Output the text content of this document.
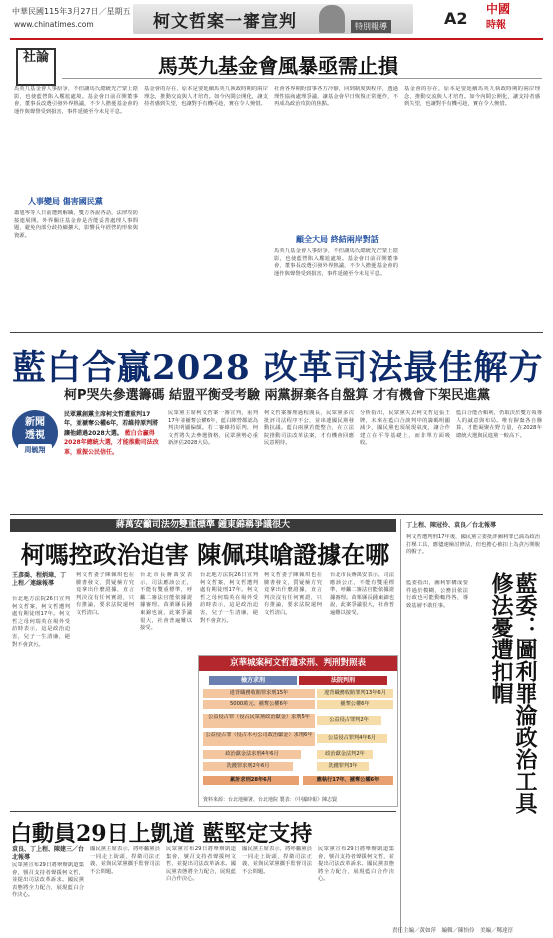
中華民國115年3月27日／星期五
www.chinatimes.com	柯文哲案一審宣判	特別報導	A2 中國
時報
社論	馬英九基金會風暴亟需止損
馬英九基金會人事紛爭，不但讓馬氏總統光芒蒙上陰影，也使藍營陷入尷尬處境。基金會日前召開董事會，董事長改選引發外界熱議，不少人擔憂基金會的運作與聲譽受到損害，事件延燒至今未見平息。
人事變局 傷害國民黨
蕭旭岑等人日前遭到解職，雙方各說各話，法律攻防接連展開。外界關注基金會是否能妥善處理人事問題，避免內部分歧持續擴大，影響長年經營的形象與資源。
基金會的存在，原本是要延續馬英九執政時期的兩岸理念，推動交流與人才培育。如今內鬨公開化，讓支持者感到失望，也讓對手有機可趁，實在令人惋惜。
社會各界期盼當事各方冷靜，回到制度與程序，透過理性協商處理爭議，讓基金會早日恢復正常運作，不再成為政治攻防的焦點。
顧全大局 終結兩岸對話
馬英九基金會人事紛爭，不但讓馬氏總統光芒蒙上陰影，也使藍營陷入尷尬處境。基金會日前召開董事會，董事長改選引發外界熱議，不少人擔憂基金會的運作與聲譽受到損害，事件延燒至今未見平息。
基金會的存在，原本是要延續馬英九執政時期的兩岸理念，推動交流與人才培育。如今內鬨公開化，讓支持者感到失望，也讓對手有機可趁，實在令人惋惜。
藍白合贏2028 改革司法最佳解方
柯P哭失參選籌碼 結盟平衡受考驗 兩黨摒棄各自盤算 才有機會下架民進黨
新聞
透視
周毓翔
民眾黨創黨主席柯文哲遭重判17年，並褫奪公權6年，若維持原判將讓他錯過2028大選。 藍白合贏得2028年總統大選，才能推動司法改革，重振公民信任。
民眾黨主席柯文哲案一審宣判，重判17年並褫奪公權6年，藍白陣營都認為判決明顯偏頗。若二審維持原判，柯文哲將失去參選資格，民眾黨勢必重新評估2028大局。
柯文哲案審理過程漫長，民眾黨多次批評司法程序不公，並串連國民黨發動抗議。藍白兩黨若能整合，在立法院推動司法改革法案，才有機會回應民意期待。
分析指出，民眾黨失去柯文哲這張王牌，未來在藍白合談判中的籌碼明顯減少，國民黨也須展現氣度，讓合作建立在平等基礎上，而非單方面吸收。
藍白合能否順利，仍取決於雙方領導人的誠意與布局。唯有摒棄各自盤算，才能凝聚在野力量，在2028年總統大選與民進黨一較高下。
蔣萬安籲司法勿雙重標準 鍾東錦稱爭議很大
柯嗎控政治迫害 陳佩琪嗆證據在哪
王彥喬、程炳璋、丁上程／連線報導
台北地方法院26日宣判柯文哲案，柯文哲遭判處有期徒刑17年。柯文哲之母何瑞英在場外受訪時表示，這是政治迫害，兒子一生清廉，絕對不會貪污。
柯文哲妻子陳佩琪也在臉書發文，質疑檢方究竟拿出什麼證據，直言判決沒有任何實證，只有推論，要求法院還柯文哲清白。
台北市長蔣萬安表示，司法應該公正，不能有雙重標準，呼籲二審法官能依據證據審理。苗栗縣長鍾東錦也說，此案爭議很大，社會普遍難以接受。
台北地方法院26日宣判柯文哲案，柯文哲遭判處有期徒刑17年。柯文哲之母何瑞英在場外受訪時表示，這是政治迫害，兒子一生清廉，絕對不會貪污。
柯文哲妻子陳佩琪也在臉書發文，質疑檢方究竟拿出什麼證據，直言判決沒有任何實證，只有推論，要求法院還柯文哲清白。
台北市長蔣萬安表示，司法應該公正，不能有雙重標準，呼籲二審法官能依據證據審理。苗栗縣長鍾東錦也說，此案爭議很大，社會普遍難以接受。
京華城案柯文哲遭求刑、判刑對照表
檢方求刑	法院判刑
違背職務收賄罪求刑15年	違背職務收賄罪判13年6月
5000萬元、褫奪公權6年	褫奪公權6年
公益侵占罪（侵占民眾黨政治獻金）求刑5年	公益侵占罪判2年
公益侵占罪（侵占木可公司政治獻金）求刑6年	公益侵占罪判4年6月
政治獻金法求刑4年6月	政治獻金法判2年
洗錢罪求刑2年6月	洗錢罪判3年
累計求刑28年6月	應執行17年、褫奪公權6年
資料來源：台北地檢署、台北地院 製表：《中國時報》陳志賢
白動員29日上凱道 藍堅定支持
袁良、丁上程、陳建三／台北報導
民眾黨宣布29日將舉辦凱道集會，號召支持者聲援柯文哲，並提出司法改革訴求。國民黨表態將全力配合，展現藍白合作決心。
國民黨主席表示，將呼籲黨員一同走上街頭，捍衛司法正義，並與民眾黨攜手監督司法不公問題。
民眾黨宣布29日將舉辦凱道集會，號召支持者聲援柯文哲，並提出司法改革訴求。國民黨表態將全力配合，展現藍白合作決心。
國民黨主席表示，將呼籲黨員一同走上街頭，捍衛司法正義，並與民眾黨攜手監督司法不公問題。
民眾黨宣布29日將舉辦凱道集會，號召支持者聲援柯文哲，並提出司法改革訴求。國民黨表態將全力配合，展現藍白合作決心。
丁上程、陳冠伶、袁良／台北報導
柯文哲遭判刑17年後，國民黨立委批評圖利罪已淪為政治打壓工具，應儘速檢討修法，但也擔心被扣上為貪污開脫的帽子。
藍委：圖利罪淪政治工具 修法憂遭扣帽
藍委指出，圖利罪構成要件過於模糊，公務員依法行政也可能動輒得咎，導致基層不敢任事。
責任主編／黃如萍　編輯／陳怡伶　美編／鄭達淳
